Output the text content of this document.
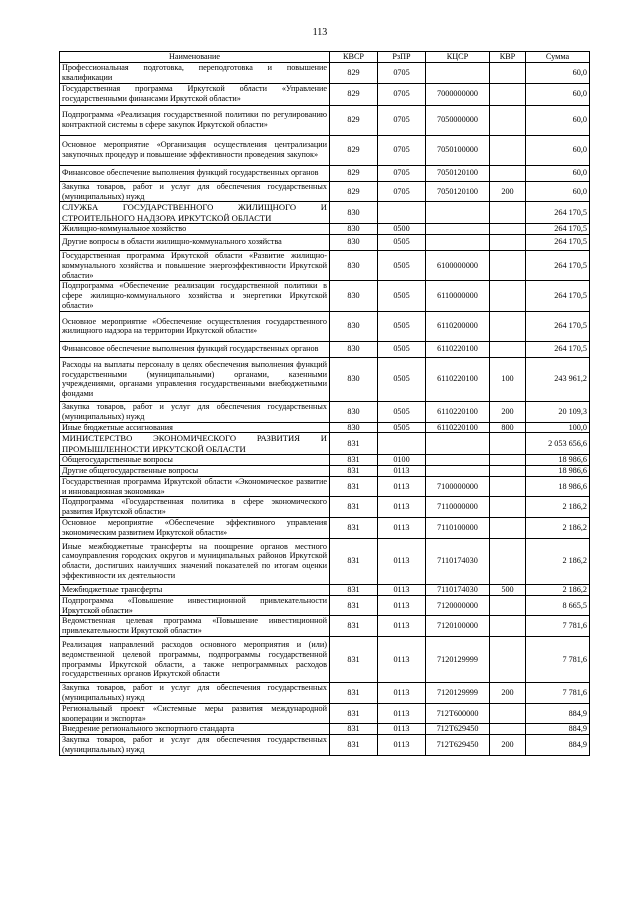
113
Наименование	КВСР	РзПР	КЦСР	КВР	Сумма
Профессиональная подготовка, переподготовка и повышение квалификации	829	0705			60,0
Государственная программа Иркутской области «Управление государственными финансами Иркутской области»	829	0705	7000000000		60,0
Подпрограмма «Реализация государственной политики по регулированию контрактной системы в сфере закупок Иркутской области»	829	0705	7050000000		60,0
Основное мероприятие «Организация осуществления централизации закупочных процедур и повышение эффективности проведения закупок»	829	0705	7050100000		60,0
Финансовое обеспечение выполнения функций государственных органов	829	0705	7050120100		60,0
Закупка товаров, работ и услуг для обеспечения государственных (муниципальных) нужд	829	0705	7050120100	200	60,0
СЛУЖБА ГОСУДАРСТВЕННОГО ЖИЛИЩНОГО И СТРОИТЕЛЬНОГО НАДЗОРА ИРКУТСКОЙ ОБЛАСТИ	830				264 170,5
Жилищно-коммунальное хозяйство	830	0500			264 170,5
Другие вопросы в области жилищно-коммунального хозяйства	830	0505			264 170,5
Государственная программа Иркутской области «Развитие жилищно-коммунального хозяйства и повышение энергоэффективности Иркутской области»	830	0505	6100000000		264 170,5
Подпрограмма «Обеспечение реализации государственной политики в сфере жилищно-коммунального хозяйства и энергетики Иркутской области»	830	0505	6110000000		264 170,5
Основное мероприятие «Обеспечение осуществления государственного жилищного надзора на территории Иркутской области»	830	0505	6110200000		264 170,5
Финансовое обеспечение выполнения функций государственных органов	830	0505	6110220100		264 170,5
Расходы на выплаты персоналу в целях обеспечения выполнения функций государственными (муниципальными) органами, казенными учреждениями, органами управления государственными внебюджетными фондами	830	0505	6110220100	100	243 961,2
Закупка товаров, работ и услуг для обеспечения государственных (муниципальных) нужд	830	0505	6110220100	200	20 109,3
Иные бюджетные ассигнования	830	0505	6110220100	800	100,0
МИНИСТЕРСТВО ЭКОНОМИЧЕСКОГО РАЗВИТИЯ И ПРОМЫШЛЕННОСТИ ИРКУТСКОЙ ОБЛАСТИ	831				2 053 656,6
Общегосударственные вопросы	831	0100			18 986,6
Другие общегосударственные вопросы	831	0113			18 986,6
Государственная программа Иркутской области «Экономическое развитие и инновационная экономика»	831	0113	7100000000		18 986,6
Подпрограмма «Государственная политика в сфере экономического развития Иркутской области»	831	0113	7110000000		2 186,2
Основное мероприятие «Обеспечение эффективного управления экономическим развитием Иркутской области»	831	0113	7110100000		2 186,2
Иные межбюджетные трансферты на поощрение органов местного самоуправления городских округов и муниципальных районов Иркутской области, достигших наилучших значений показателей по итогам оценки эффективности их деятельности	831	0113	7110174030		2 186,2
Межбюджетные трансферты	831	0113	7110174030	500	2 186,2
Подпрограмма «Повышение инвестиционной привлекательности Иркутской области»	831	0113	7120000000		8 665,5
Ведомственная целевая программа «Повышение инвестиционной привлекательности Иркутской области»	831	0113	7120100000		7 781,6
Реализация направлений расходов основного мероприятия и (или) ведомственной целевой программы, подпрограммы государственной программы Иркутской области, а также непрограммных расходов государственных органов Иркутской области	831	0113	7120129999		7 781,6
Закупка товаров, работ и услуг для обеспечения государственных (муниципальных) нужд	831	0113	7120129999	200	7 781,6
Региональный проект «Системные меры развития международной кооперации и экспорта»	831	0113	712Т600000		884,9
Внедрение регионального экспортного стандарта	831	0113	712Т629450		884,9
Закупка товаров, работ и услуг для обеспечения государственных (муниципальных) нужд	831	0113	712Т629450	200	884,9
